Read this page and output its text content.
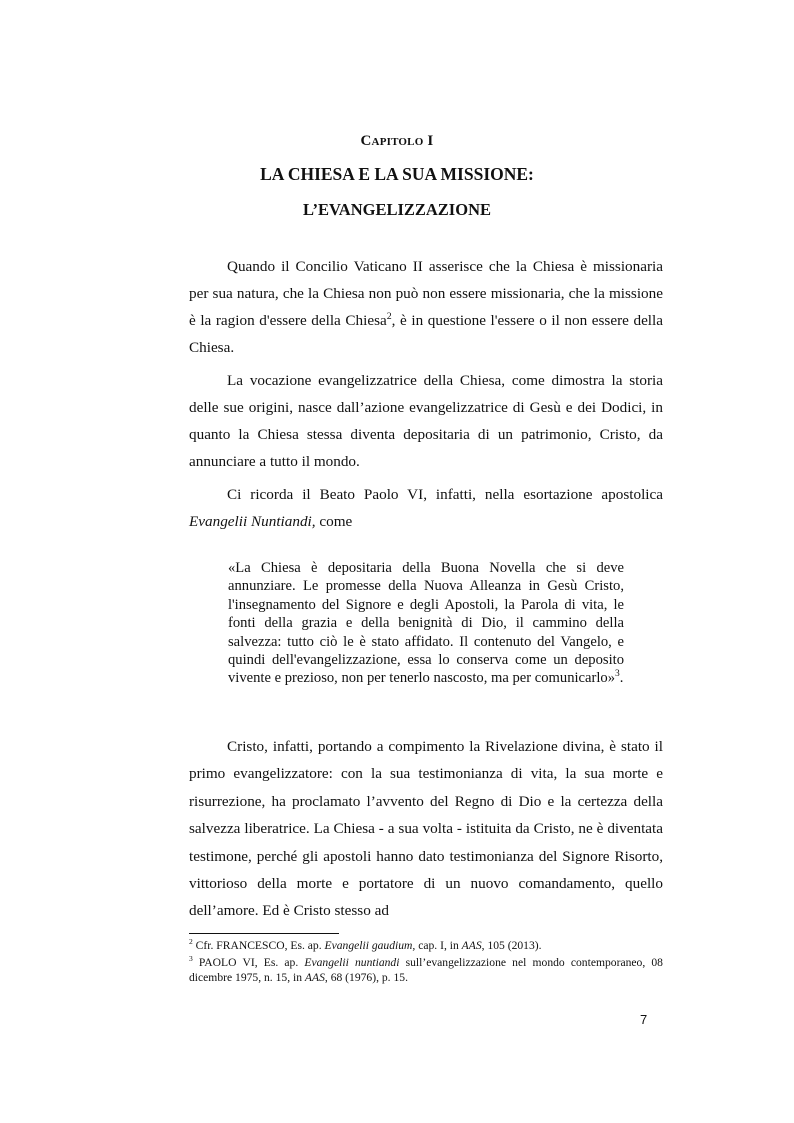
Capitolo I
LA CHIESA E LA SUA MISSIONE:
L’EVANGELIZZAZIONE

Quando il Concilio Vaticano II asserisce che la Chiesa è missionaria per sua natura, che la Chiesa non può non essere missionaria, che la missione è la ragion d'essere della Chiesa$^2$, è in questione l'essere o il non essere della Chiesa.

La vocazione evangelizzatrice della Chiesa, come dimostra la storia delle sue origini, nasce dall’azione evangelizzatrice di Gesù e dei Dodici, in quanto la Chiesa stessa diventa depositaria di un patrimonio, Cristo, da annunciare a tutto il mondo.

Ci ricorda il Beato Paolo VI, infatti, nella esortazione apostolica Evangelii Nuntiandi, come

«La Chiesa è depositaria della Buona Novella che si deve annunziare. Le promesse della Nuova Alleanza in Gesù Cristo, l'insegnamento del Signore e degli Apostoli, la Parola di vita, le fonti della grazia e della benignità di Dio, il cammino della salvezza: tutto ciò le è stato affidato. Il contenuto del Vangelo, e quindi dell'evangelizzazione, essa lo conserva come un deposito vivente e prezioso, non per tenerlo nascosto, ma per comunicarlo»$^3$.

Cristo, infatti, portando a compimento la Rivelazione divina, è stato il primo evangelizzatore: con la sua testimonianza di vita, la sua morte e risurrezione, ha proclamato l’avvento del Regno di Dio e la certezza della salvezza liberatrice. La Chiesa - a sua volta - istituita da Cristo, ne è diventata testimone, perché gli apostoli hanno dato testimonianza del Signore Risorto, vittorioso della morte e portatore di un nuovo comandamento, quello dell’amore. Ed è Cristo stesso ad

$^2$ Cfr. FRANCESCO, Es. ap. Evangelii gaudium, cap. I, in AAS, 105 (2013).

$^3$ PAOLO VI, Es. ap. Evangelii nuntiandi sull’evangelizzazione nel mondo contemporaneo, 08 dicembre 1975, n. 15, in AAS, 68 (1976), p. 15.

7
